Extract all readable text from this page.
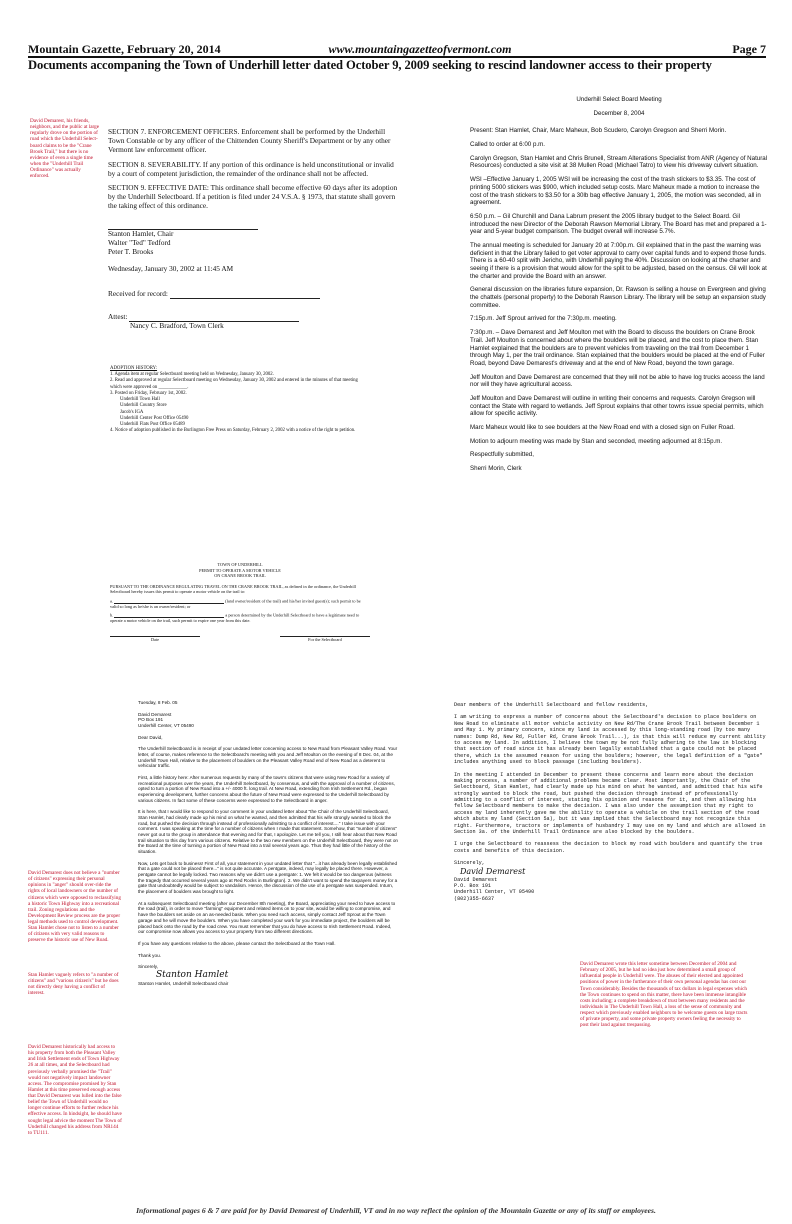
Mountain Gazette, February 20, 2014	www.mountaingazetteofvermont.com	Page 7
Documents accompaning the Town of Underhill letter dated October 9, 2009 seeking to rescind landowner access to their property
David Demarest, his friends, neighbors, and the public at large regularly drove on the portion of road which the Underhill Select-board claims to be the "Crane Brook Trail," but there is no evidence of even a single time when the "Underhill Trail Ordinance" was actually enforced.
David Demarest does not believe a "number of citizens" expressing their personal opinions in "anger" should over-ride the rights of local landowners or the number of citizens which were opposed to reclassifying a historic Town Highway into a recreational trail. Zoning regulations and the Development Review process are the proper legal methods used to control development. Stan Hamlet chose not to listen to a number of citizens with very valid reasons to preserve the historic use of New Road.
Stan Hamlet vaguely refers to "a number of citizens" and "various citizen's" but he does not directly deny having a conflict of interest.
David Demarest historically had access to his property from both the Pleasant Valley and Irish Settlement ends of Town Highway 26 at all times, and the Selectboard had previously verbally promised the "Trail" would not negatively impact landowner access. The compromise promised by Stan Hamlet at this time preserved enough access that David Demarest was lulled into the false belief the Town of Underhill would no longer continue efforts to further reduce his effective access. In hindsight, he should have sought legal advice the moment The Town of Underhill changed his address from NR144 to TU111.
David Demarest wrote this letter sometime between December of 2004 and February of 2005, but he had no idea just how determined a small group of influential people in Underhill were. The abuses of their elected and appointed positions of power in the furtherance of their own personal agendas has cost our Town considerably. Besides the thousands of tax dollars in legal expenses which the Town continues to spend on this matter, there have been immense intangible costs including; a complete breakdown of trust between many residents and the individuals in The Underhill Town Hall, a loss of the sense of community and respect which previously enabled neighbors to be welcome guests on large tracts of private property, and some private property owners feeling the necessity to post their land against trespassing.

SECTION 7. ENFORCEMENT OFFICERS. Enforcement shall be performed by the Underhill Town Constable or by any officer of the Chittenden County Sheriff's Department or by any other Vermont law enforcement officer.

SECTION 8. SEVERABILITY. If any portion of this ordinance is held unconstitutional or invalid by a court of competent jurisdiction, the remainder of the ordinance shall not be affected.

SECTION 9. EFFECTIVE DATE: This ordinance shall become effective 60 days after its adoption by the Underhill Selectboard. If a petition is filed under 24 V.S.A. § 1973, that statute shall govern the taking effect of this ordinance.

Stanton Hamlet, Chair
Walter "Ted" Tedford
Peter T. Brooks
Wednesday, January 30, 2002 at 11:45 AM
Received for record:
Attest:
Nancy C. Bradford, Town Clerk
ADOPTION HISTORY:
1. Agenda item at regular Selectboard meeting held on Wednesday, January 30, 2002.
2. Read and approved at regular Selectboard meeting on Wednesday, January 30, 2002 and entered in the minutes of that meeting which were approved on ____________.
3. Posted on Friday, February 1st, 2002.
Underhill Town Hall
Underhill Country Store
Jacob's IGA
Underhill Center Post Office 05490
Underhill Flats Post Office 05489
4. Notice of adoption published in the Burlington Free Press on Saturday, February 2, 2002 with a notice of the right to petition.
TOWN OF UNDERHILL
PERMIT TO OPERATE A MOTOR VEHICLE
ON CRANE BROOK TRAIL

PURSUANT TO THE ORDINANCE REGULATING TRAVEL ON THE CRANE BROOK TRAIL, as defined in the ordinance, the Underhill Selectboard hereby issues this permit to operate a motor vehicle on the trail to:

a.	(land owner/resident of the trail) and his/her invited guest(s); such permit to be valid so long as he/she is an owner/resident; or

b.	a person determined by the Underhill Selectboard to have a legitimate need to operate a motor vehicle on the trail, such permit to expire one year from this date.

Date	For the Selectboard
Underhill Select Board Meeting
December 8, 2004

Present: Stan Hamlet, Chair, Marc Maheux, Bob Scudero, Carolyn Gregson and Sherri Morin.

Called to order at 6:00 p.m.

Carolyn Gregson, Stan Hamlet and Chris Brunell, Stream Alterations Specialist from ANR (Agency of Natural Resources) conducted a site visit at 38 Mullen Road (Michael Tatro) to view his driveway culvert situation.

WSI –Effective January 1, 2005 WSI will be increasing the cost of the trash stickers to $3.35. The cost of printing 5000 stickers was $900, which included setup costs. Marc Maheux made a motion to increase the cost of the trash stickers to $3.50 for a 30lb bag effective January 1, 2005, the motion was seconded, all in agreement.

6:50 p.m. – Gil Churchill and Dana Labrum present the 2005 library budget to the Select Board. Gil introduced the new Director of the Deborah Rawson Memorial Library. The Board has met and prepared a 1-year and 5-year budget comparison. The budget overall will increase 5.7%.

The annual meeting is scheduled for January 20 at 7:00p.m. Gil explained that in the past the warning was deficient in that the Library failed to get voter approval to carry over capital funds and to expend those funds. There is a 60-40 split with Jericho, with Underhill paying the 40%. Discussion on looking at the charter and seeing if there is a provision that would allow for the split to be adjusted, based on the census. Gil will look at the charter and provide the Board with an answer.

General discussion on the libraries future expansion, Dr. Rawson is selling a house on Evergreen and giving the chattels (personal property) to the Deborah Rawson Library. The library will be setup an expansion study committee.

7:15p.m. Jeff Sprout arrived for the 7:30p.m. meeting.

7:30p.m. – Dave Demarest and Jeff Moulton met with the Board to discuss the boulders on Crane Brook Trail. Jeff Moulton is concerned about where the boulders will be placed, and the cost to place them. Stan Hamlet explained that the boulders are to prevent vehicles from traveling on the trail from December 1 through May 1, per the trail ordinance. Stan explained that the boulders would be placed at the end of Fuller Road, beyond Dave Demarest's driveway and at the end of New Road, beyond the town garage.

Jeff Moulton and Dave Demarest are concerned that they will not be able to have log trucks access the land nor will they have agricultural access.

Jeff Moulton and Dave Demarest will outline in writing their concerns and requests. Carolyn Gregson will contact the State with regard to wetlands. Jeff Sprout explains that other towns issue special permits, which allow for specific activity.

Marc Maheux would like to see boulders at the New Road end with a closed sign on Fuller Road.

Motion to adjourn meeting was made by Stan and seconded, meeting adjourned at 8:15p.m.

Respectfully submitted,

Sherri Morin, Clerk

Tuesday, 8 Feb. 05
David Demarest
PO Box 191
Underhill Center, VT 05490

Dear David,

The Underhill Selectboard is in receipt of your undated letter concerning access to New Road from Pleasant Valley Road. Your letter, of course, makes reference to the Selectboard's meeting with you and Jeff Moulton on the evening of 8 Dec. 04, at the Underhill Town Hall, relative to the placement of boulders on the Pleasant Valley Road end of New Road as a deterent to vehicular traffic.

First, a little history here: After numerous requests by many of the town's citizens that were using New Road for a variety of recreational purposes over the years, the Underhill Selectboard, by consensus, and with the approval of a number of citizens, opted to turn a portion of New Road into a +/- 4000 ft. long trail. At New Road, extending from Irish Settlement Rd., began experiencing development, further concerns about the future of New Road were expressed to the Underhill Selectboard by various citizens. In fact some of these concerns were expressed to the Selectboard in anger.

It is here, that I would like to respond to your comment in your undated letter about "the Chair of the Underhill Selectboard, Stan Hamlet, had clearly made up his mind on what he wanted, and then admitted that his wife strongly wanted to block the road, but pushed the decision through instead of professionally admitting to a conflict of interest...." I take issue with your comment. I was speaking at the time for a number of citizens when I made that statement. Somehow, that "number of citizens" never got out to the group in attendance that evening and for that, I apologize. Let me tell you, I still hear about that New Road trail situation to this day from various citizens. Relative to the two new members on the Underhill Selectboard, they were not on the Board at the time of turning a portion of New Road into a trail several years ago. Thus they had little of the history of the situation.

Now, Lets get back to business! First of all, your statement in your undated letter that "...it has already been legally established that a gate could not be placed there..." is not quite accurate. A pentgate, indeed, may legally be placed there. However, a pentgate cannot be legally locked. Two reasons why we didn't use a pentgate: 1. We felt it would be too dangerous (witness the tragedy that occurred several years ago at Red Rocks in Burlington). 2. We didn't want to spend the taxpayers money for a gate that undoubtedly would be subject to vandalism. Hence, the discussion of the use of a pentgate was suspended. Inturn, the placement of boulders was brought to light.

At a subsequent Selectboard meeting (after our December 8th meeting), the Board, appreciating your need to have access to the road (trail), in order to move "farming" equipment and related items on to your site, would be willing to compromise, and have the boulders set aside on an as-needed basis. When you need such access, simply contact Jeff Sprout at the Town garage and he will move the boulders. When you have completed your work for you immediate project, the boulders will be placed back onto the road by the road crew. You must remember that you do have access to Irish Settlement Road. Indeed, our compromise now allows you access to your property from two different directions.

If you have any questions relative to the above, please contact the Selectboard at the Town Hall.

Thank you.

Sincerely,
Stanton Hamlet
Stanton Hamlet, Underhill Selectboard chair

Dear members of the Underhill Selectboard and fellow residents,

I am writing to express a number of concerns about the Selectboard's decision to place boulders on New Road to eliminate all motor vehicle activity on New Rd/The Crane Brook Trail between December 1 and May 1. My primary concern, since my land is accessed by this long-standing road (by too many names: Dump Rd, New Rd, Fuller Rd, Crane Brook Trail...), is that this will reduce my current ability to access my land. In addition, I believe the town my be not fully adhering to the law in blocking that section of road since it has already been legally established that a gate could not be placed there, which is the assumed reason for using the boulders; however, the legal definition of a "gate" includes anything used to block passage (including boulders).

In the meeting I attended in December to present these concerns and learn more about the decision making process, a number of additional problems became clear. Most importantly, the Chair of the Selectboard, Stan Hamlet, had clearly made up his mind on what he wanted, and admitted that his wife strongly wanted to block the road, but pushed the decision through instead of professionally admitting to a conflict of interest, stating his opinion and reasons for it, and then allowing his fellow Selectboard members to make the decision. I was also under the assumption that my right to access my land inherently gave me the ability to operate a vehicle on the trail section of the road which abuts my land (Section 5a), but it was implied that the Selectboard may not recognize this right. Furthermore, tractors or implements of husbandry I may use on my land and which are allowed in Section 3a. of the Underhill Trail Ordinance are also blocked by the boulders.

I urge the Selectboard to reassess the decision to block my road with boulders and quantify the true costs and benefits of this decision.

Sincerely,
David Demarest
David Demarest
P.O. Box 191
Underhill Center, VT 05490
(802)355-6637
Informational pages 6 & 7 are paid for by David Demarest of Underhill, VT and in no way reflect the opinion of the Mountain Gazette or any of its staff or employees.
